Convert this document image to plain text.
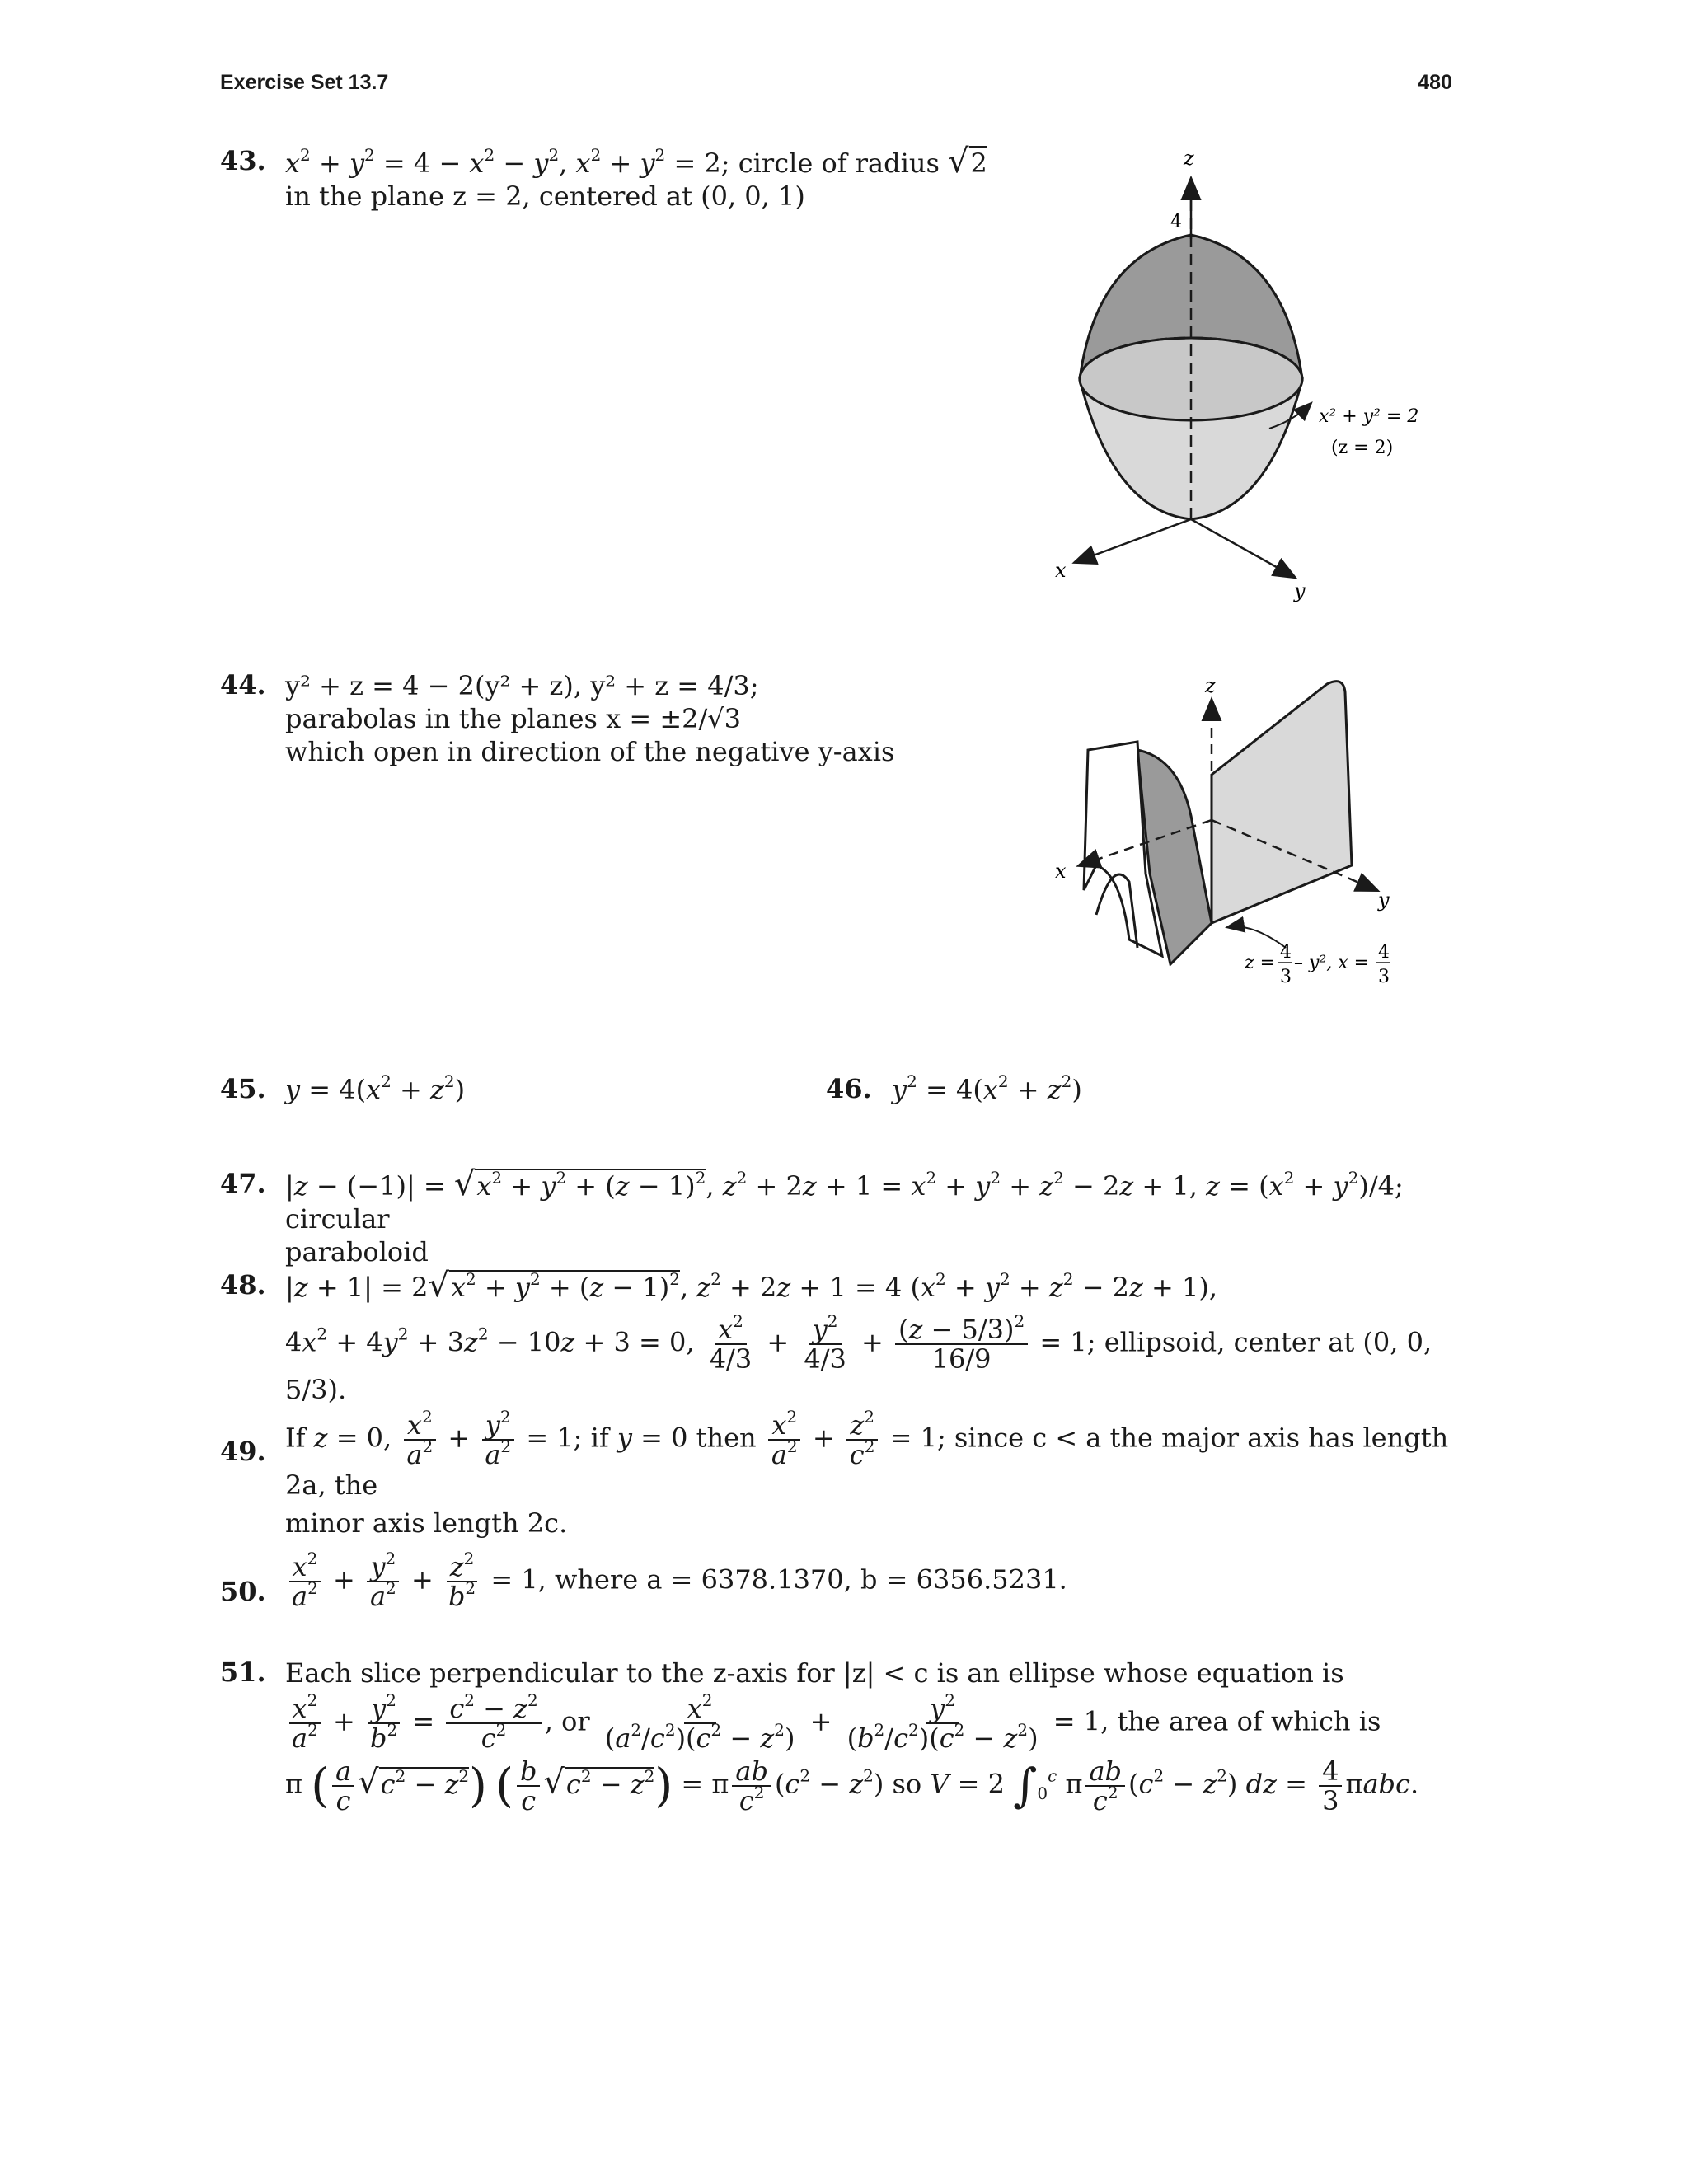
Exercise Set 13.7	480
43. $x^2 + y^2 = 4 - x^2 - y^2$, $x^2 + y^2 = 2$; circle of radius √2
in the plane z = 2, centered at (0, 0, 1)
z
4
x
y
x² + y² = 2
(z = 2)
44. y² + z = 4 − 2(y² + z), y² + z = 4/3;
parabolas in the planes x = ±2/√3
which open in direction of the negative y-axis
z
x
y
z =
4
3
– y², x =
4
3
45. $y = 4(x^2 + z^2)$	46. $y^2 = 4(x^2 + z^2)$
47. $|z - (-1)| = √x^2 + y^2 + (z - 1)^2$, $z^2 + 2z + 1 = x^2 + y^2 + z^2 - 2z + 1$, $z = (x^2 + y^2)/4$; circular
paraboloid
48. $|z + 1| = 2√x^2 + y^2 + (z - 1)^2$, $z^2 + 2z + 1 = 4$ $(x^2 + y^2 + z^2 - 2z + 1)$,
$4x^2 + 4y^2 + 3z^2 - 10z + 3 = 0$, $\frac{x^2}{4/3} + \frac{y^2}{4/3} + \frac{(z - 5/3)^2}{16/9} = 1$; ellipsoid, center at (0, 0, 5/3).
49. If z = 0, $\frac{x^2}{a^2} + \frac{y^2}{a^2} = 1$; if y = 0 then $\frac{x^2}{a^2} + \frac{z^2}{c^2} = 1$; since c < a the major axis has length 2a, the
minor axis length 2c.
50. $\frac{x^2}{a^2} + \frac{y^2}{a^2} + \frac{z^2}{b^2} = 1$, where a = 6378.1370, b = 6356.5231.
51. Each slice perpendicular to the z-axis for |z| < c is an ellipse whose equation is
$\frac{x^2}{a^2} + \frac{y^2}{b^2} = \frac{c^2 - z^2}{c^2}$ , or $\frac{x^2}{(a^2/c^2)(c^2 - z^2)} + \frac{y^2}{(b^2/c^2)(c^2 - z^2)} = 1$, the area of which is
π ( $\frac{a}{c} √c^2 - z^2$) ( $\frac{b}{c} √c^2 - z^2) = \pi \frac{ab}{c^2} (c^2 - z^2)$ so V = 2 $\int_0^c$ π $\frac{ab}{c^2} (c^2 - z^2)$ dz = $\frac{4}{3} \pi abc$.
